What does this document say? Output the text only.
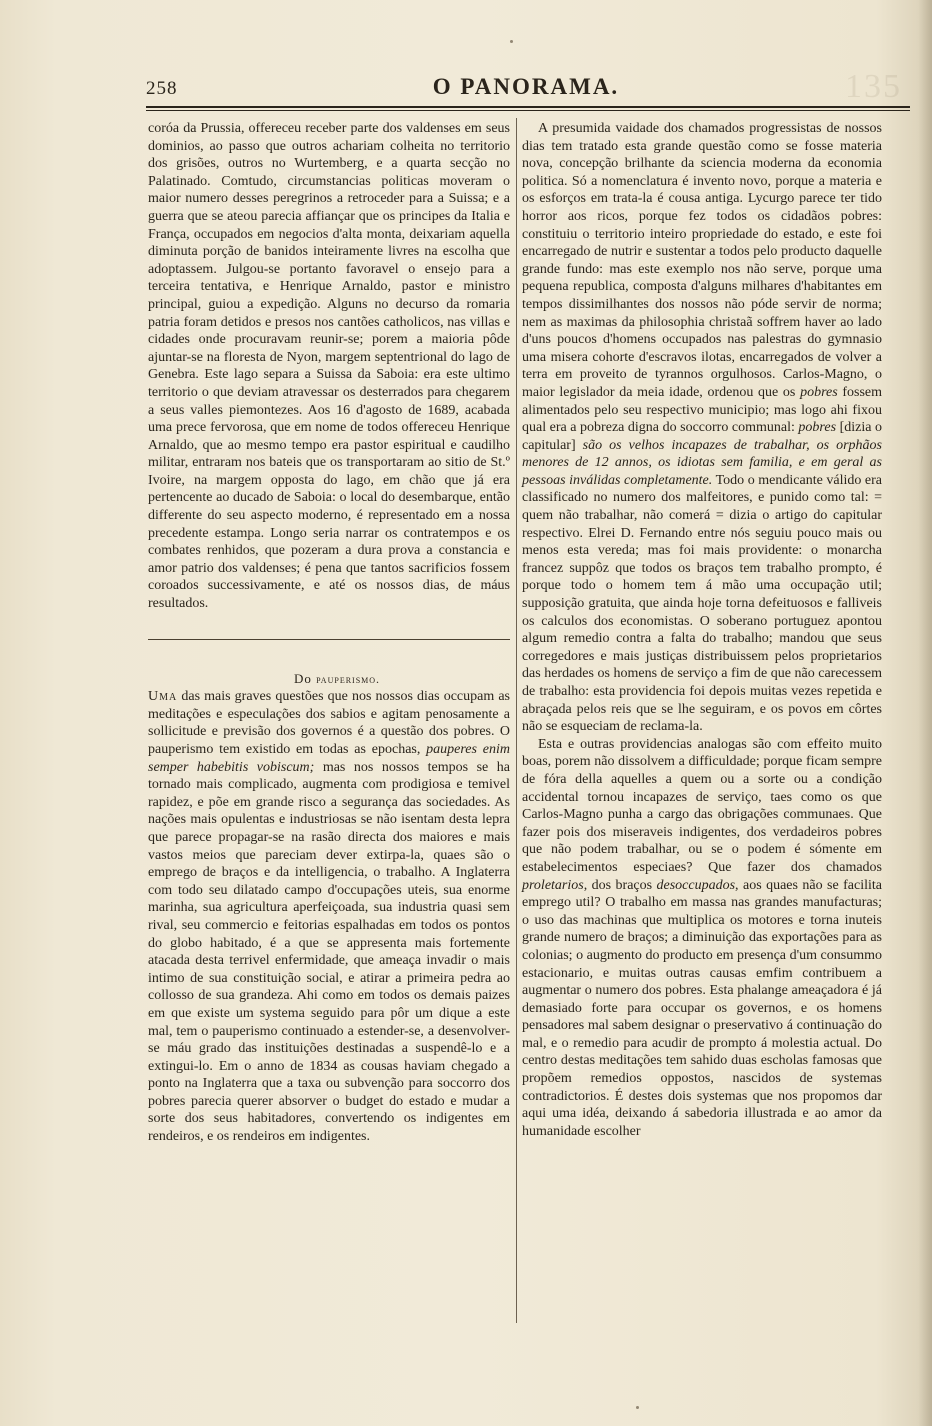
258	O PANORAMA.	135

coróa da Prussia, offereceu receber parte dos valdenses em seus dominios, ao passo que outros achariam colheita no territorio dos grisões, outros no Wurtemberg, e a quarta secção no Palatinado. Comtudo, circumstancias politicas moveram o maior numero desses peregrinos a retroceder para a Suissa; e a guerra que se ateou parecia affiançar que os principes da Italia e França, occupados em negocios d'alta monta, deixariam aquella diminuta porção de banidos inteiramente livres na escolha que adoptassem. Julgou-se portanto favoravel o ensejo para a terceira tentativa, e Henrique Arnaldo, pastor e ministro principal, guiou a expedição. Alguns no decurso da romaria patria foram detidos e presos nos cantões catholicos, nas villas e cidades onde procuravam reunir-se; porem a maioria pôde ajuntar-se na floresta de Nyon, margem septentrional do lago de Genebra. Este lago separa a Suissa da Saboia: era este ultimo territorio o que deviam atravessar os desterrados para chegarem a seus valles piemontezes. Aos 16 d'agosto de 1689, acabada uma prece fervorosa, que em nome de todos offereceu Henrique Arnaldo, que ao mesmo tempo era pastor espiritual e caudilho militar, entraram nos bateis que os transportaram ao sitio de St.º Ivoire, na margem opposta do lago, em chão que já era pertencente ao ducado de Saboia: o local do desembarque, então differente do seu aspecto moderno, é representado em a nossa precedente estampa. Longo seria narrar os contratempos e os combates renhidos, que pozeram a dura prova a constancia e amor patrio dos valdenses; é pena que tantos sacrificios fossem coroados successivamente, e até os nossos dias, de máus resultados.

Do pauperismo.

Uma das mais graves questões que nos nossos dias occupam as meditações e especulações dos sabios e agitam penosamente a sollicitude e previsão dos governos é a questão dos pobres. O pauperismo tem existido em todas as epochas, pauperes enim semper habebitis vobiscum; mas nos nossos tempos se ha tornado mais complicado, augmenta com prodigiosa e temivel rapidez, e põe em grande risco a segurança das sociedades. As nações mais opulentas e industriosas se não isentam desta lepra que parece propagar-se na rasão directa dos maiores e mais vastos meios que pareciam dever extirpa-la, quaes são o emprego de braços e da intelligencia, o trabalho. A Inglaterra com todo seu dilatado campo d'occupações uteis, sua enorme marinha, sua agricultura aperfeiçoada, sua industria quasi sem rival, seu commercio e feitorias espalhadas em todos os pontos do globo habitado, é a que se appresenta mais fortemente atacada desta terrivel enfermidade, que ameaça invadir o mais intimo de sua constituição social, e atirar a primeira pedra ao collosso de sua grandeza. Ahi como em todos os demais paizes em que existe um systema seguido para pôr um dique a este mal, tem o pauperismo continuado a estender-se, a desenvolver-se máu grado das instituições destinadas a suspendê-lo e a extingui-lo. Em o anno de 1834 as cousas haviam chegado a ponto na Inglaterra que a taxa ou subvenção para soccorro dos pobres parecia querer absorver o budget do estado e mudar a sorte dos seus habitadores, convertendo os indigentes em rendeiros, e os rendeiros em indigentes.

A presumida vaidade dos chamados progressistas de nossos dias tem tratado esta grande questão como se fosse materia nova, concepção brilhante da sciencia moderna da economia politica. Só a nomenclatura é invento novo, porque a materia e os esforços em trata-la é cousa antiga. Lycurgo parece ter tido horror aos ricos, porque fez todos os cidadãos pobres: constituiu o territorio inteiro propriedade do estado, e este foi encarregado de nutrir e sustentar a todos pelo producto daquelle grande fundo: mas este exemplo nos não serve, porque uma pequena republica, composta d'alguns milhares d'habitantes em tempos dissimilhantes dos nossos não póde servir de norma; nem as maximas da philosophia christaã soffrem haver ao lado d'uns poucos d'homens occupados nas palestras do gymnasio uma misera cohorte d'escravos ilotas, encarregados de volver a terra em proveito de tyrannos orgulhosos. Carlos-Magno, o maior legislador da meia idade, ordenou que os pobres fossem alimentados pelo seu respectivo municipio; mas logo ahi fixou qual era a pobreza digna do soccorro communal: pobres [dizia o capitular] são os velhos incapazes de trabalhar, os orphãos menores de 12 annos, os idiotas sem familia, e em geral as pessoas inválidas completamente. Todo o mendicante válido era classificado no numero dos malfeitores, e punido como tal: = quem não trabalhar, não comerá = dizia o artigo do capitular respectivo. Elrei D. Fernando entre nós seguiu pouco mais ou menos esta vereda; mas foi mais providente: o monarcha francez suppôz que todos os braços tem trabalho prompto, é porque todo o homem tem á mão uma occupação util; supposição gratuita, que ainda hoje torna defeituosos e falliveis os calculos dos economistas. O soberano portuguez apontou algum remedio contra a falta do trabalho; mandou que seus corregedores e mais justiças distribuissem pelos proprietarios das herdades os homens de serviço a fim de que não carecessem de trabalho: esta providencia foi depois muitas vezes repetida e abraçada pelos reis que se lhe seguiram, e os povos em côrtes não se esqueciam de reclama-la.

Esta e outras providencias analogas são com effeito muito boas, porem não dissolvem a difficuldade; porque ficam sempre de fóra della aquelles a quem ou a sorte ou a condição accidental tornou incapazes de serviço, taes como os que Carlos-Magno punha a cargo das obrigações communaes. Que fazer pois dos miseraveis indigentes, dos verdadeiros pobres que não podem trabalhar, ou se o podem é sómente em estabelecimentos especiaes? Que fazer dos chamados proletarios, dos braços desoccupados, aos quaes não se facilita emprego util? O trabalho em massa nas grandes manufacturas; o uso das machinas que multiplica os motores e torna inuteis grande numero de braços; a diminuição das exportações para as colonias; o augmento do producto em presença d'um consummo estacionario, e muitas outras causas emfim contribuem a augmentar o numero dos pobres. Esta phalange ameaçadora é já demasiado forte para occupar os governos, e os homens pensadores mal sabem designar o preservativo á continuação do mal, e o remedio para acudir de prompto á molestia actual. Do centro destas meditações tem sahido duas escholas famosas que propõem remedios oppostos, nascidos de systemas contradictorios. É destes dois systemas que nos propomos dar aqui uma idéa, deixando á sabedoria illustrada e ao amor da humanidade escolher
